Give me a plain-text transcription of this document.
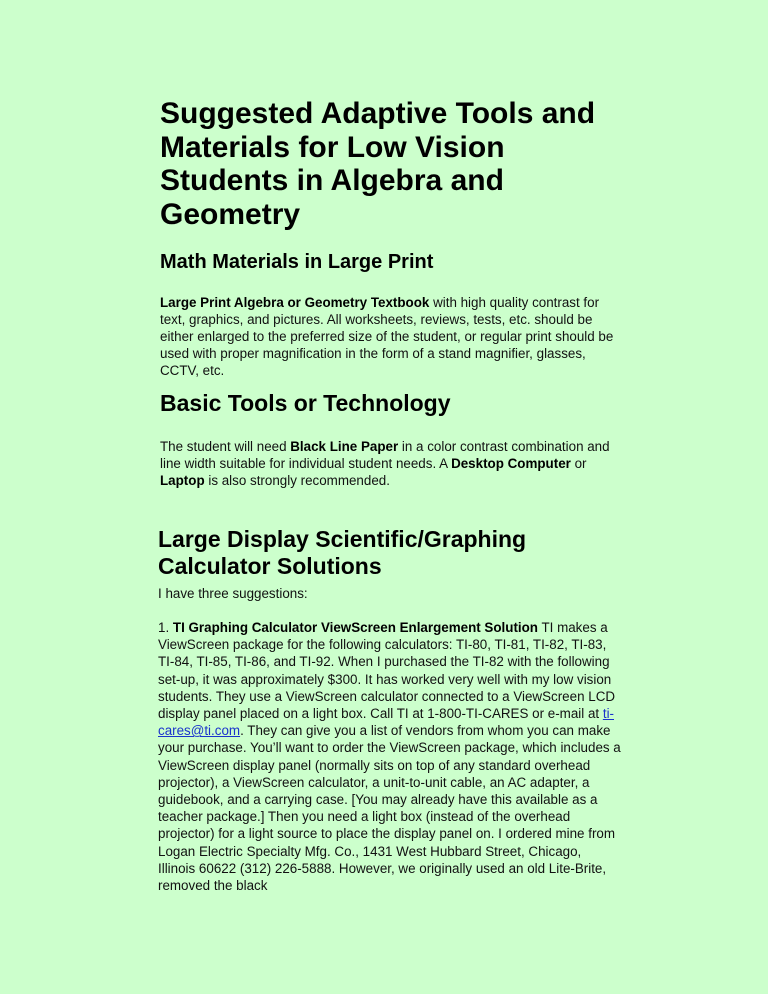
Suggested Adaptive Tools and Materials for Low Vision Students in Algebra and Geometry
Math Materials in Large Print

Large Print Algebra or Geometry Textbook with high quality contrast for text, graphics, and pictures. All worksheets, reviews, tests, etc. should be either enlarged to the preferred size of the student, or regular print should be used with proper magnification in the form of a stand magnifier, glasses, CCTV, etc.

Basic Tools or Technology

The student will need Black Line Paper in a color contrast combination and line width suitable for individual student needs. A Desktop Computer or Laptop is also strongly recommended.

Large Display Scientific/Graphing Calculator Solutions

I have three suggestions:

1. TI Graphing Calculator ViewScreen Enlargement Solution TI makes a ViewScreen package for the following calculators: TI-80, TI-81, TI-82, TI-83, TI-84, TI-85, TI-86, and TI-92. When I purchased the TI-82 with the following set-up, it was approximately $300. It has worked very well with my low vision students. They use a ViewScreen calculator connected to a ViewScreen LCD display panel placed on a light box. Call TI at 1-800-TI-CARES or e-mail at ti-cares@ti.com. They can give you a list of vendors from whom you can make your purchase. You’ll want to order the ViewScreen package, which includes a ViewScreen display panel (normally sits on top of any standard overhead projector), a ViewScreen calculator, a unit-to-unit cable, an AC adapter, a guidebook, and a carrying case. [You may already have this available as a teacher package.] Then you need a light box (instead of the overhead projector) for a light source to place the display panel on. I ordered mine from Logan Electric Specialty Mfg. Co., 1431 West Hubbard Street, Chicago, Illinois 60622 (312) 226-5888. However, we originally used an old Lite-Brite, removed the black
